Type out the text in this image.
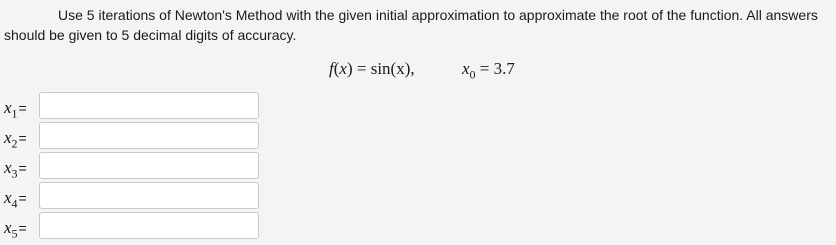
Use 5 iterations of Newton's Method with the given initial approximation to approximate the root of the function. All answers should be given to 5 decimal digits of accuracy.

f(x) = sin(x),	$x_0 = 3.7$
$x_1=$
$x_2=$
$x_3=$
$x_4=$
$x_5=$
